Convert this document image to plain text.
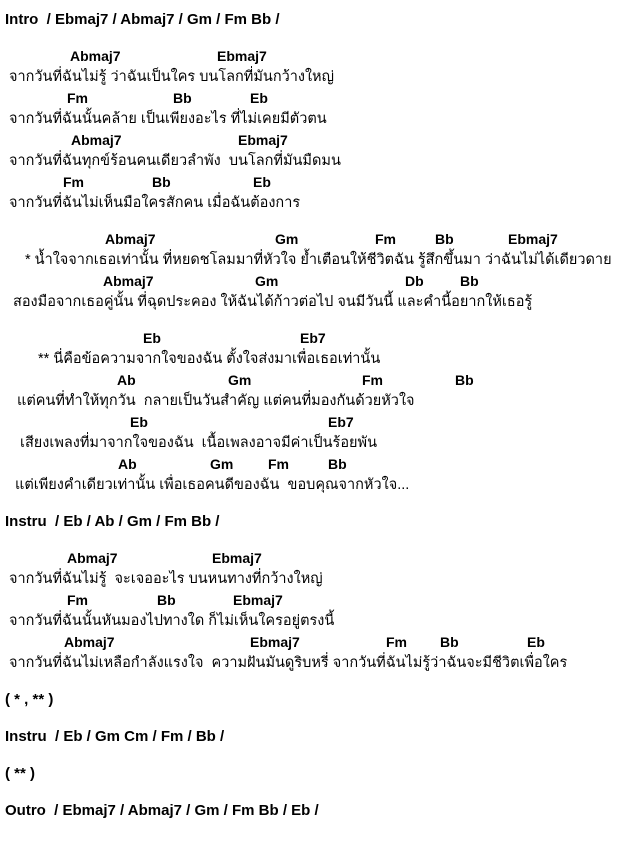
Intro  / Ebmaj7 / Abmaj7 / Gm / Fm Bb /
Abmaj7	Ebmaj7
จากวันที่ฉันไม่รู้ ว่าฉันเป็นใคร บนโลกที่มันกว้างใหญ่
Fm	Bb	Eb
จากวันที่ฉันนั้นคล้าย เป็นเพียงอะไร ที่ไม่เคยมีตัวตน
Abmaj7	Ebmaj7
จากวันที่ฉันทุกข์ร้อนคนเดียวลำพัง  บนโลกที่มันมืดมน
Fm	Bb	Eb
จากวันที่ฉันไม่เห็นมือใครสักคน เมื่อฉันต้องการ
Abmaj7	Gm	Fm	Bb	Ebmaj7
* น้ำใจจากเธอเท่านั้น ที่หยดชโลมมาที่หัวใจ ย้ำเตือนให้ชีวิตฉัน รู้สึกขึ้นมา ว่าฉันไม่ได้เดียวดาย
Abmaj7	Gm	Db	Bb
สองมือจากเธอคู่นั้น ที่ฉุดประคอง ให้ฉันได้ก้าวต่อไป จนมีวันนี้ และคำนี้อยากให้เธอรู้
Eb	Eb7
** นี่คือข้อความจากใจของฉัน ตั้งใจส่งมาเพื่อเธอเท่านั้น
Ab	Gm	Fm	Bb
แต่คนที่ทำให้ทุกวัน  กลายเป็นวันสำคัญ แต่คนที่มองกันด้วยหัวใจ
Eb	Eb7
เสียงเพลงที่มาจากใจของฉัน  เนื้อเพลงอาจมีค่าเป็นร้อยพัน
Ab	Gm Fm	Bb
แต่เพียงคำเดียวเท่านั้น เพื่อเธอคนดีของฉัน  ขอบคุณจากหัวใจ...
Instru  / Eb / Ab / Gm / Fm Bb /
Abmaj7	Ebmaj7
จากวันที่ฉันไม่รู้  จะเจออะไร บนหนทางที่กว้างใหญ่
Fm	Bb	Ebmaj7
จากวันที่ฉันนั้นหันมองไปทางใด ก็ไม่เห็นใครอยู่ตรงนี้
Abmaj7	Ebmaj7	Fm Bb	Eb
จากวันที่ฉันไม่เหลือกำลังแรงใจ  ความฝันมันดูริบหรี่ จากวันที่ฉันไม่รู้ว่าฉันจะมีชีวิตเพื่อใคร
( * , ** )
Instru  / Eb / Gm Cm / Fm / Bb /
( ** )
Outro  / Ebmaj7 / Abmaj7 / Gm / Fm Bb / Eb /
